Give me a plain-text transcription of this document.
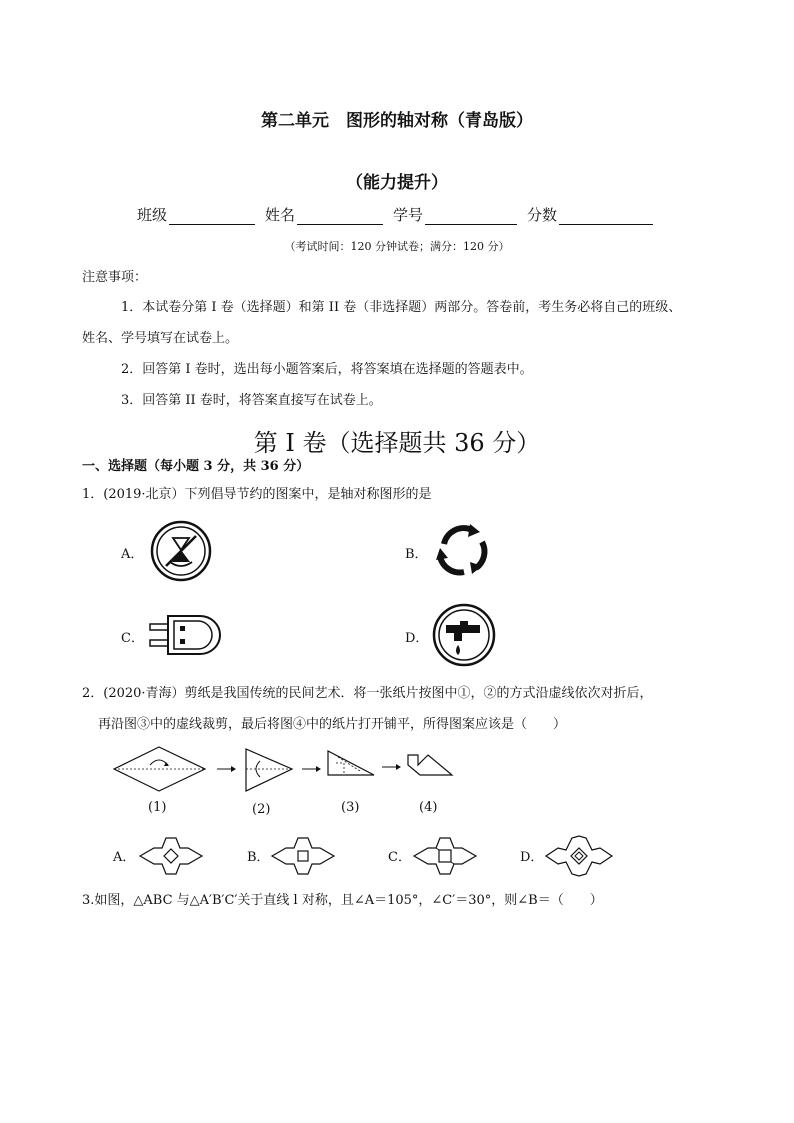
第二单元　图形的轴对称（青岛版）
（能力提升）
班级	姓名	学号	分数
（考试时间：120 分钟试卷；满分：120 分）
注意事项：
1．本试卷分第 I 卷（选择题）和第 II 卷（非选择题）两部分。答卷前，考生务必将自己的班级、
姓名、学号填写在试卷上。
2．回答第 I 卷时，选出每小题答案后，将答案填在选择题的答题表中。
3．回答第 II 卷时，将答案直接写在试卷上。
第 I 卷（选择题共 36 分）
一、选择题（每小题 3 分，共 36 分）
1．(2019·北京）下列倡导节约的图案中，是轴对称图形的是
A．	B．
C．	D．
2．(2020·青海）剪纸是我国传统的民间艺术．将一张纸片按图中①，②的方式沿虚线依次对折后，
再沿图③中的虚线裁剪，最后将图④中的纸片打开铺平，所得图案应该是（　　）
(1)	(2)	(3)	(4)
A．	B．	C．	D．
3.如图，△ABC 与△A′B′C′关于直线 l 对称，且∠A＝105°，∠C′＝30°，则∠B＝（　　）
